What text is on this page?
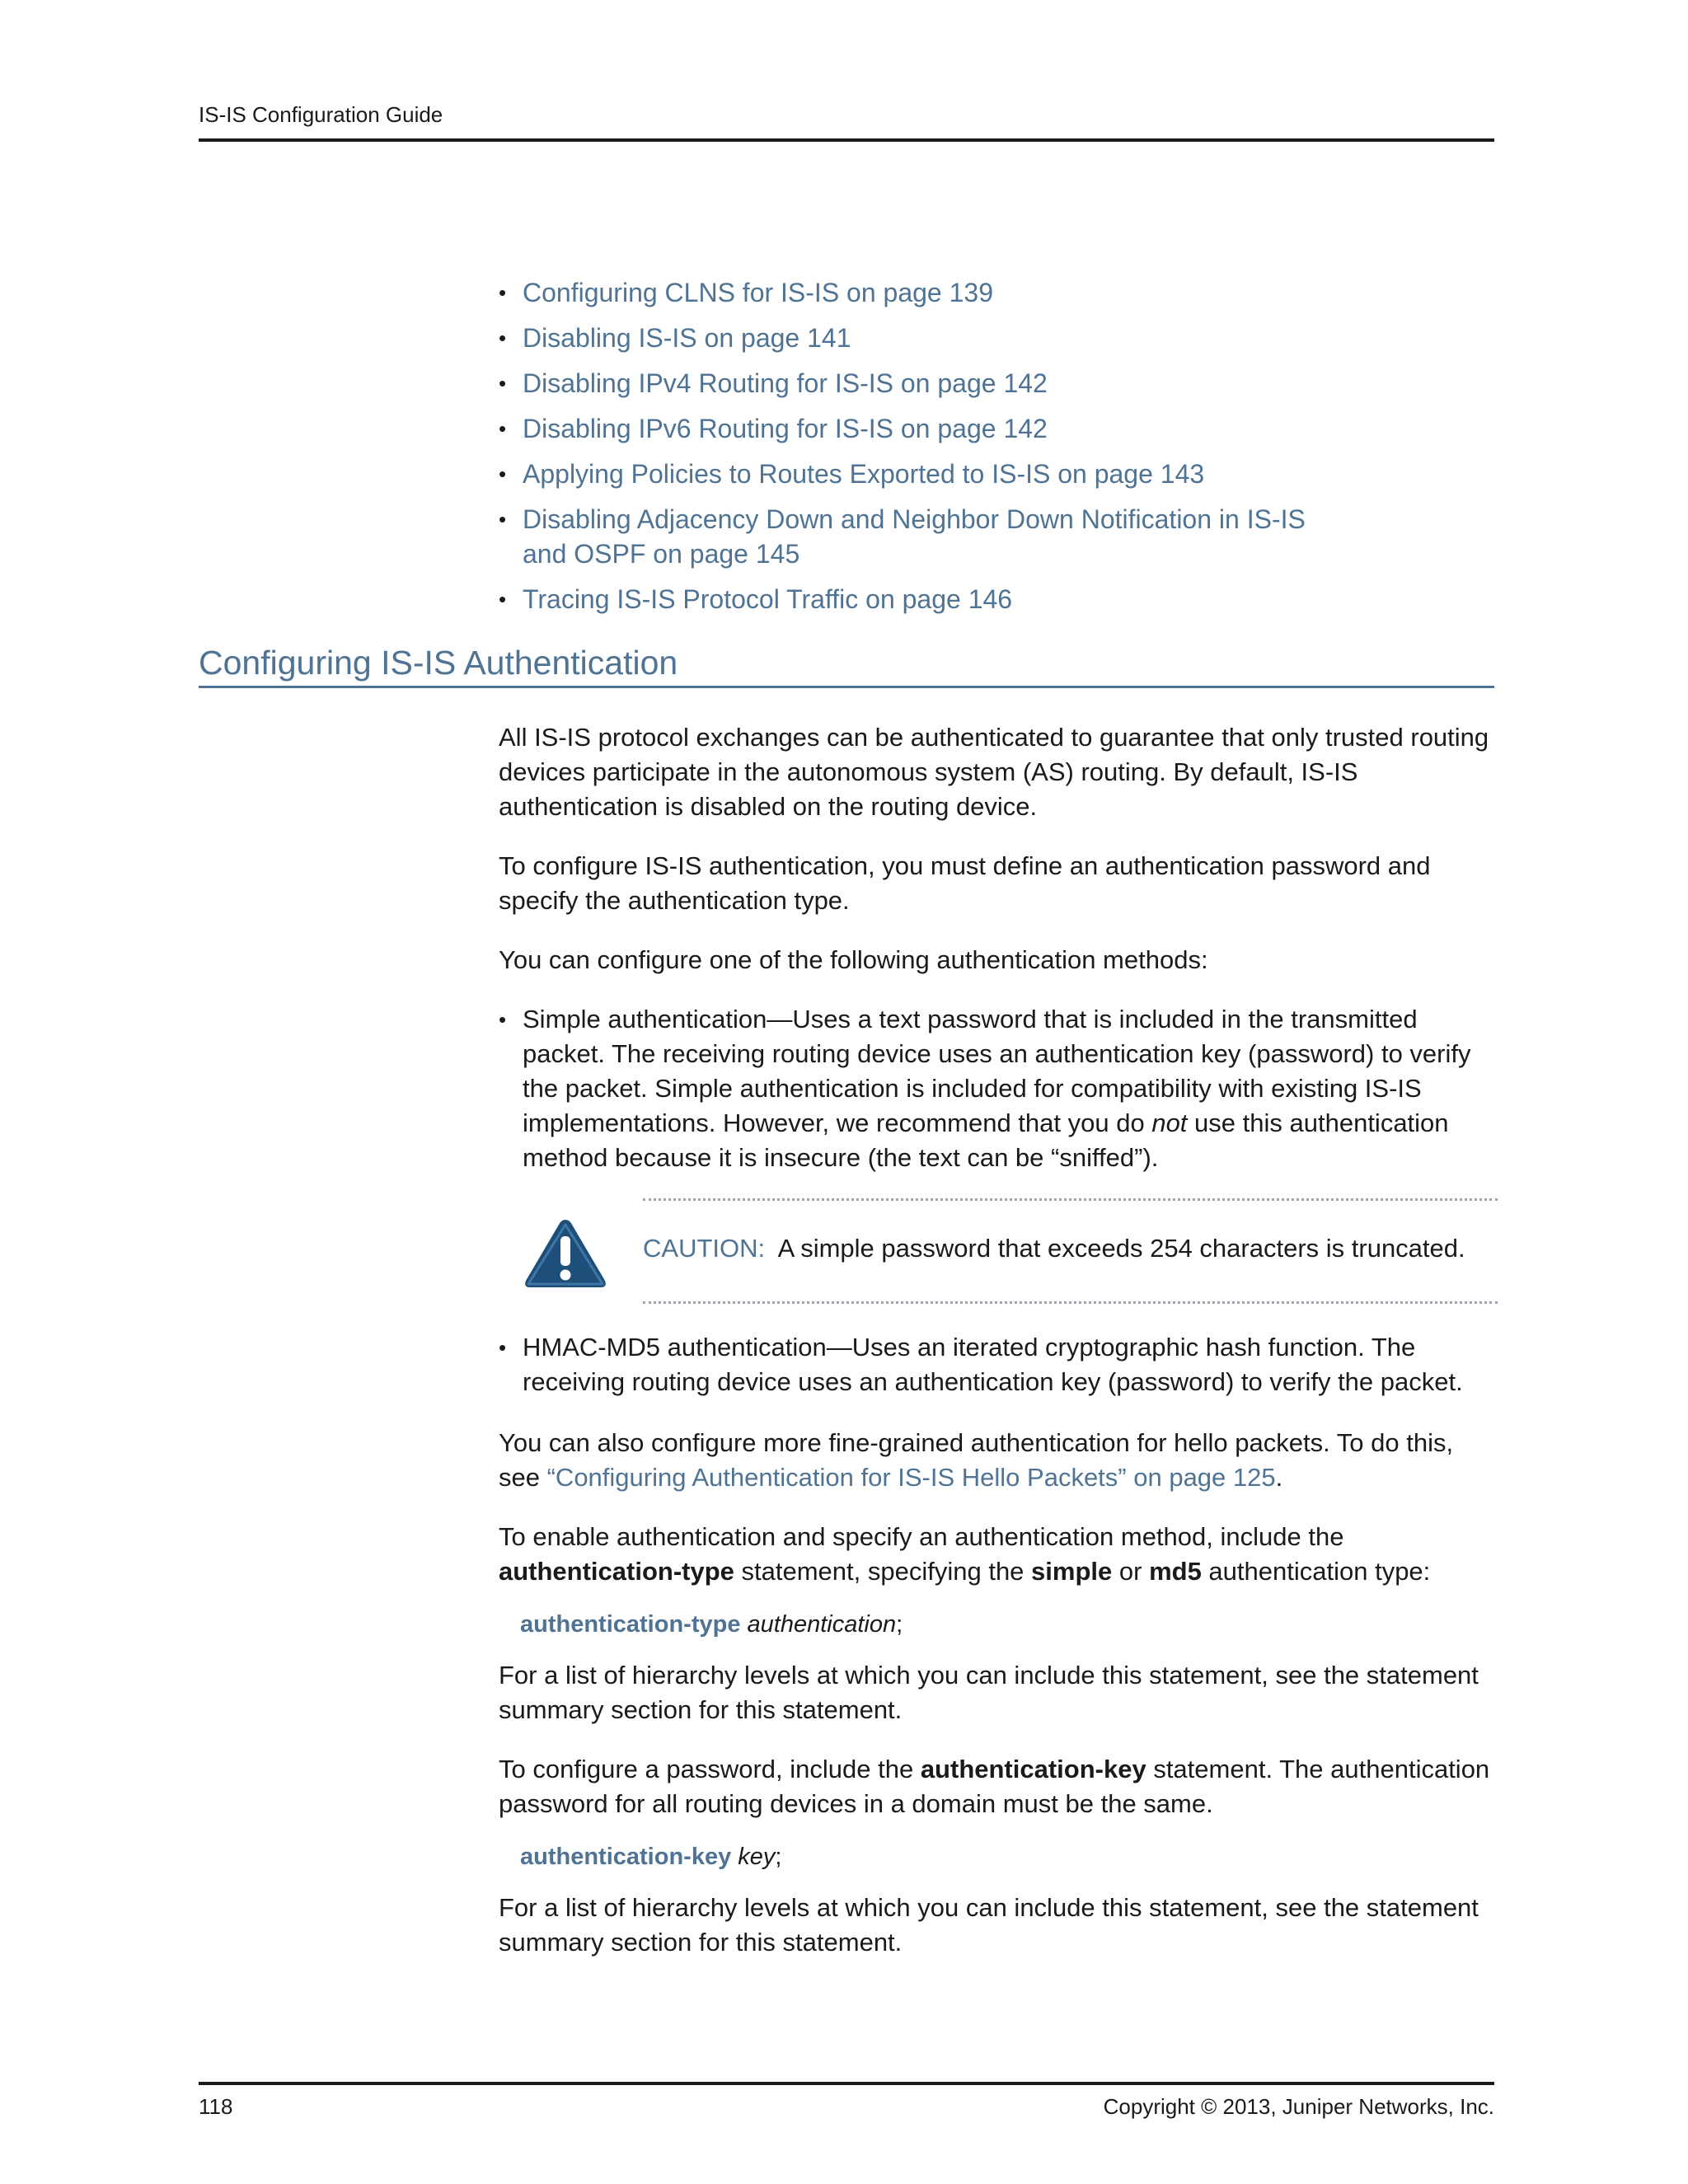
IS-IS Configuration Guide
• Configuring CLNS for IS-IS on page 139
• Disabling IS-IS on page 141
• Disabling IPv4 Routing for IS-IS on page 142
• Disabling IPv6 Routing for IS-IS on page 142
• Applying Policies to Routes Exported to IS-IS on page 143
• Disabling Adjacency Down and Neighbor Down Notification in IS-IS and OSPF on page 145
• Tracing IS-IS Protocol Traffic on page 146
Configuring IS-IS Authentication

All IS-IS protocol exchanges can be authenticated to guarantee that only trusted routing devices participate in the autonomous system (AS) routing. By default, IS-IS authentication is disabled on the routing device.

To configure IS-IS authentication, you must define an authentication password and specify the authentication type.

You can configure one of the following authentication methods:

• Simple authentication—Uses a text password that is included in the transmitted packet. The receiving routing device uses an authentication key (password) to verify the packet. Simple authentication is included for compatibility with existing IS-IS implementations. However, we recommend that you do not use this authentication method because it is insecure (the text can be “sniffed”).
CAUTION: A simple password that exceeds 254 characters is truncated.
• HMAC-MD5 authentication—Uses an iterated cryptographic hash function. The receiving routing device uses an authentication key (password) to verify the packet.

You can also configure more fine-grained authentication for hello packets. To do this, see “Configuring Authentication for IS-IS Hello Packets” on page 125.

To enable authentication and specify an authentication method, include the authentication-type statement, specifying the simple or md5 authentication type:

authentication-type authentication;

For a list of hierarchy levels at which you can include this statement, see the statement summary section for this statement.

To configure a password, include the authentication-key statement. The authentication password for all routing devices in a domain must be the same.

authentication-key key;

For a list of hierarchy levels at which you can include this statement, see the statement summary section for this statement.

118	Copyright © 2013, Juniper Networks, Inc.
